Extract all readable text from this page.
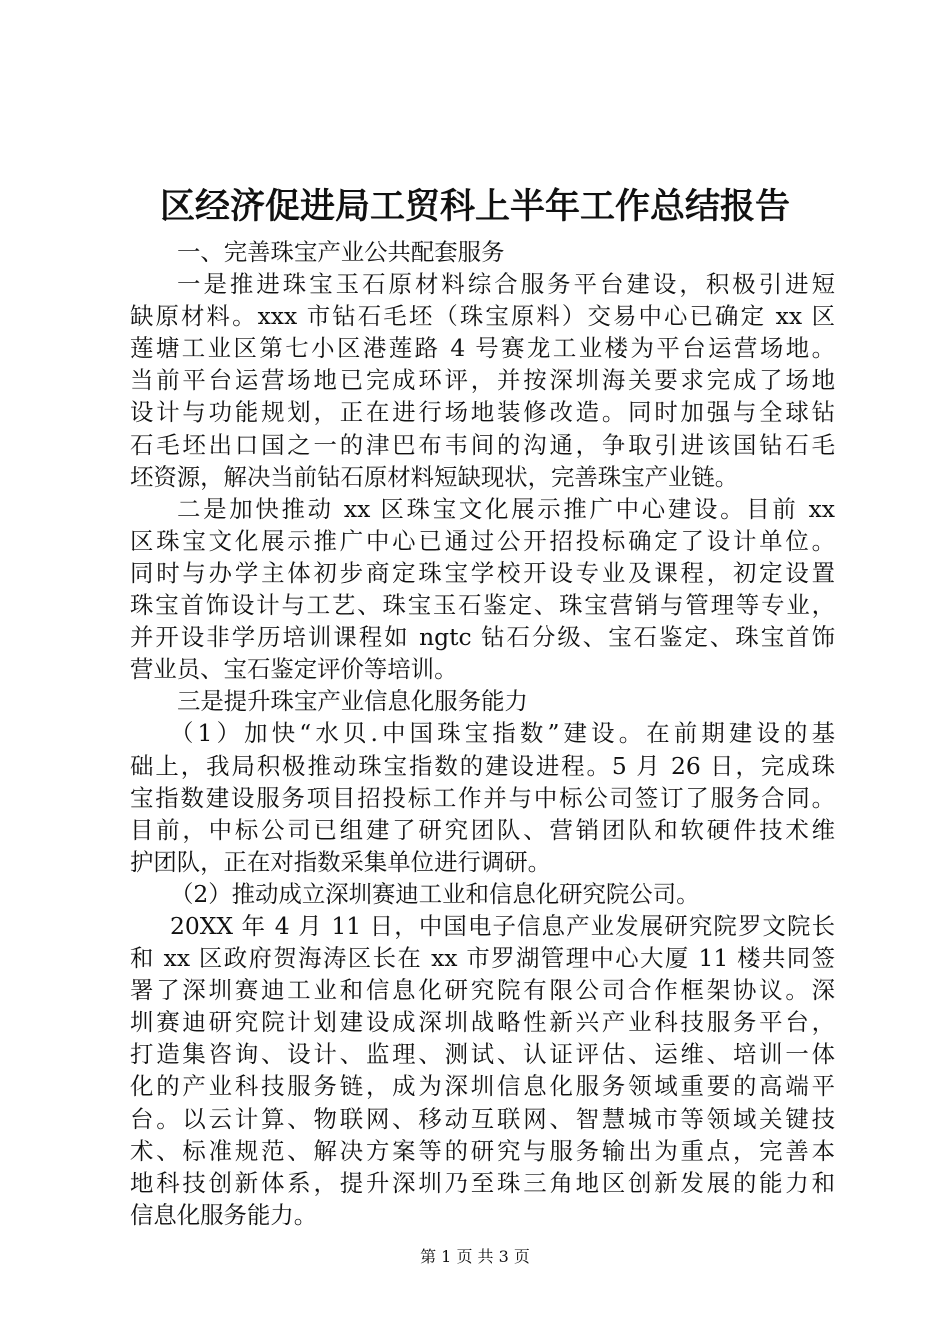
区经济促进局工贸科上半年工作总结报告
一、完善珠宝产业公共配套服务
一是推进珠宝玉石原材料综合服务平台建设，积极引进短
缺原材料。xxx 市钻石毛坯（珠宝原料）交易中心已确定 xx 区
莲塘工业区第七小区港莲路 4 号赛龙工业楼为平台运营场地。
当前平台运营场地已完成环评，并按深圳海关要求完成了场地
设计与功能规划，正在进行场地装修改造。同时加强与全球钻
石毛坯出口国之一的津巴布韦间的沟通，争取引进该国钻石毛
坯资源，解决当前钻石原材料短缺现状，完善珠宝产业链。
二是加快推动 xx 区珠宝文化展示推广中心建设。目前 xx
区珠宝文化展示推广中心已通过公开招投标确定了设计单位。
同时与办学主体初步商定珠宝学校开设专业及课程，初定设置
珠宝首饰设计与工艺、珠宝玉石鉴定、珠宝营销与管理等专业，
并开设非学历培训课程如 ngtc 钻石分级、宝石鉴定、珠宝首饰
营业员、宝石鉴定评价等培训。
三是提升珠宝产业信息化服务能力
（1）加快“水贝.中国珠宝指数”建设。在前期建设的基
础上，我局积极推动珠宝指数的建设进程。5 月 26 日，完成珠
宝指数建设服务项目招投标工作并与中标公司签订了服务合同。
目前，中标公司已组建了研究团队、营销团队和软硬件技术维
护团队，正在对指数采集单位进行调研。
（2）推动成立深圳赛迪工业和信息化研究院公司。
20XX 年 4 月 11 日，中国电子信息产业发展研究院罗文院长
和 xx 区政府贺海涛区长在 xx 市罗湖管理中心大厦 11 楼共同签
署了深圳赛迪工业和信息化研究院有限公司合作框架协议。深
圳赛迪研究院计划建设成深圳战略性新兴产业科技服务平台，
打造集咨询、设计、监理、测试、认证评估、运维、培训一体
化的产业科技服务链，成为深圳信息化服务领域重要的高端平
台。以云计算、物联网、移动互联网、智慧城市等领域关键技
术、标准规范、解决方案等的研究与服务输出为重点，完善本
地科技创新体系，提升深圳乃至珠三角地区创新发展的能力和
信息化服务能力。
第 1 页 共 3 页
